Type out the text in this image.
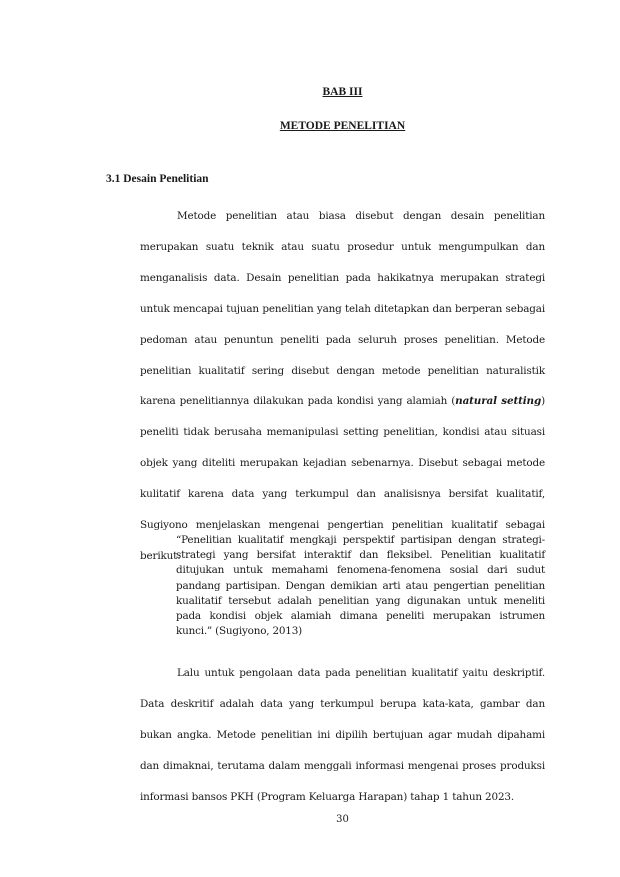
BAB III
METODE PENELITIAN
3.1 Desain Penelitian

Metode penelitian atau biasa disebut dengan desain penelitian merupakan suatu teknik atau suatu prosedur untuk mengumpulkan dan menganalisis data. Desain penelitian pada hakikatnya merupakan strategi untuk mencapai tujuan penelitian yang telah ditetapkan dan berperan sebagai pedoman atau penuntun peneliti pada seluruh proses penelitian. Metode penelitian kualitatif sering disebut dengan metode penelitian naturalistik karena penelitiannya dilakukan pada kondisi yang alamiah (natural setting) peneliti tidak berusaha memanipulasi setting penelitian, kondisi atau situasi objek yang diteliti merupakan kejadian sebenarnya. Disebut sebagai metode kulitatif karena data yang terkumpul dan analisisnya bersifat kualitatif, Sugiyono menjelaskan mengenai pengertian penelitian kualitatif sebagai berikut:

“Penelitian kualitatif mengkaji perspektif partisipan dengan strategi-strategi yang bersifat interaktif dan fleksibel. Penelitian kualitatif ditujukan untuk memahami fenomena-fenomena sosial dari sudut pandang partisipan. Dengan demikian arti atau pengertian penelitian kualitatif tersebut adalah penelitian yang digunakan untuk meneliti pada kondisi objek alamiah dimana peneliti merupakan istrumen kunci.” (Sugiyono, 2013)

Lalu untuk pengolaan data pada penelitian kualitatif yaitu deskriptif. Data deskritif adalah data yang terkumpul berupa kata-kata, gambar dan bukan angka. Metode penelitian ini dipilih bertujuan agar mudah dipahami dan dimaknai, terutama dalam menggali informasi mengenai proses produksi informasi bansos PKH (Program Keluarga Harapan) tahap 1 tahun 2023.

30
